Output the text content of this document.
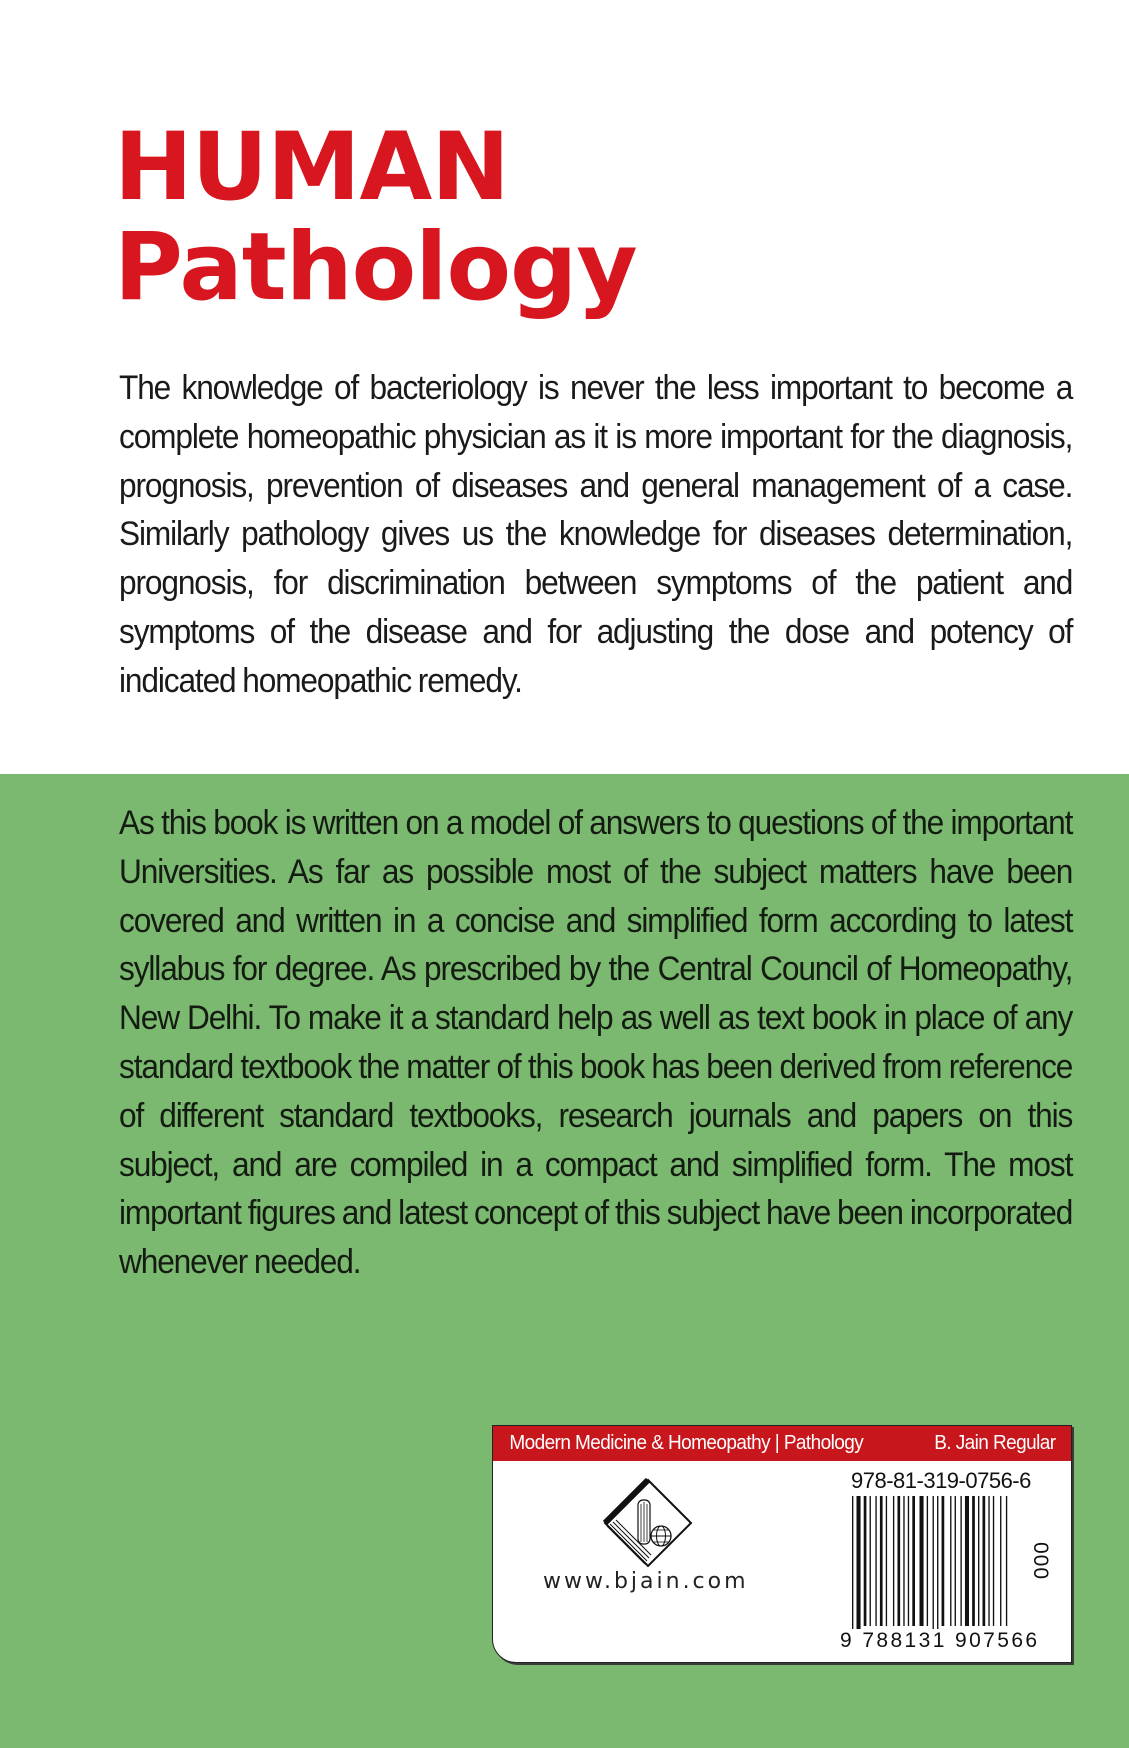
HUMAN
Pathology

The knowledge of bacteriology is never the less important to become a complete homeopathic physician as it is more important for the diagnosis, prognosis, prevention of diseases and general management of a case. Similarly pathology gives us the knowledge for diseases determination, prognosis, for discrimination between symptoms of the patient and symptoms of the disease and for adjusting the dose and potency of indicated homeopathic remedy.

As this book is written on a model of answers to questions of the important Universities. As far as possible most of the subject matters have been covered and written in a concise and simplified form according to latest syllabus for degree. As prescribed by the Central Council of Homeopathy, New Delhi. To make it a standard help as well as text book in place of any standard textbook the matter of this book has been derived from reference of different standard textbooks, research journals and papers on this subject, and are compiled in a compact and simplified form. The most important figures and latest concept of this subject have been incorporated whenever needed.

Modern Medicine & Homeopathy | Pathology	B. Jain Regular
www.bjain.com
978-81-319-0756-6
9 788131 907566
000
